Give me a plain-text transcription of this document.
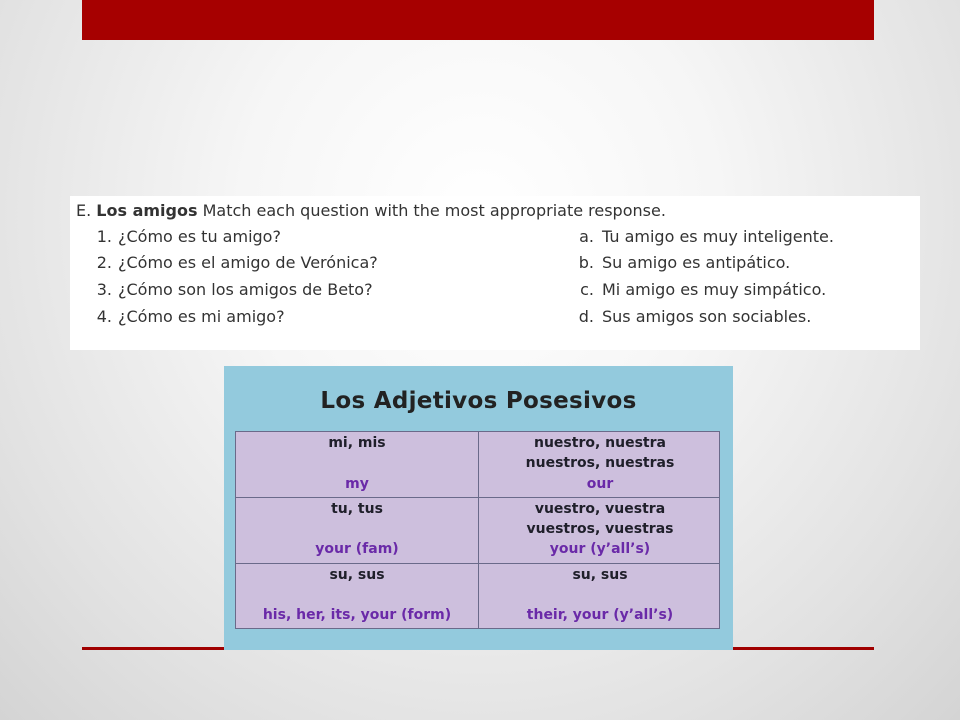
E. Los amigos Match each question with the most appropriate response.
1. ¿Cómo es tu amigo?
2. ¿Cómo es el amigo de Verónica?
3. ¿Cómo son los amigos de Beto?
4. ¿Cómo es mi amigo?
a. Tu amigo es muy inteligente.
b. Su amigo es antipático.
c. Mi amigo es muy simpático.
d. Sus amigos son sociables.
Los Adjetivos Posesivos
mi, mis
my
nuestro, nuestra
nuestros, nuestras
our
tu, tus
your (fam)
vuestro, vuestra
vuestros, vuestras
your (y’all’s)
su, sus
his, her, its, your (form)
su, sus
their, your (y’all’s)
